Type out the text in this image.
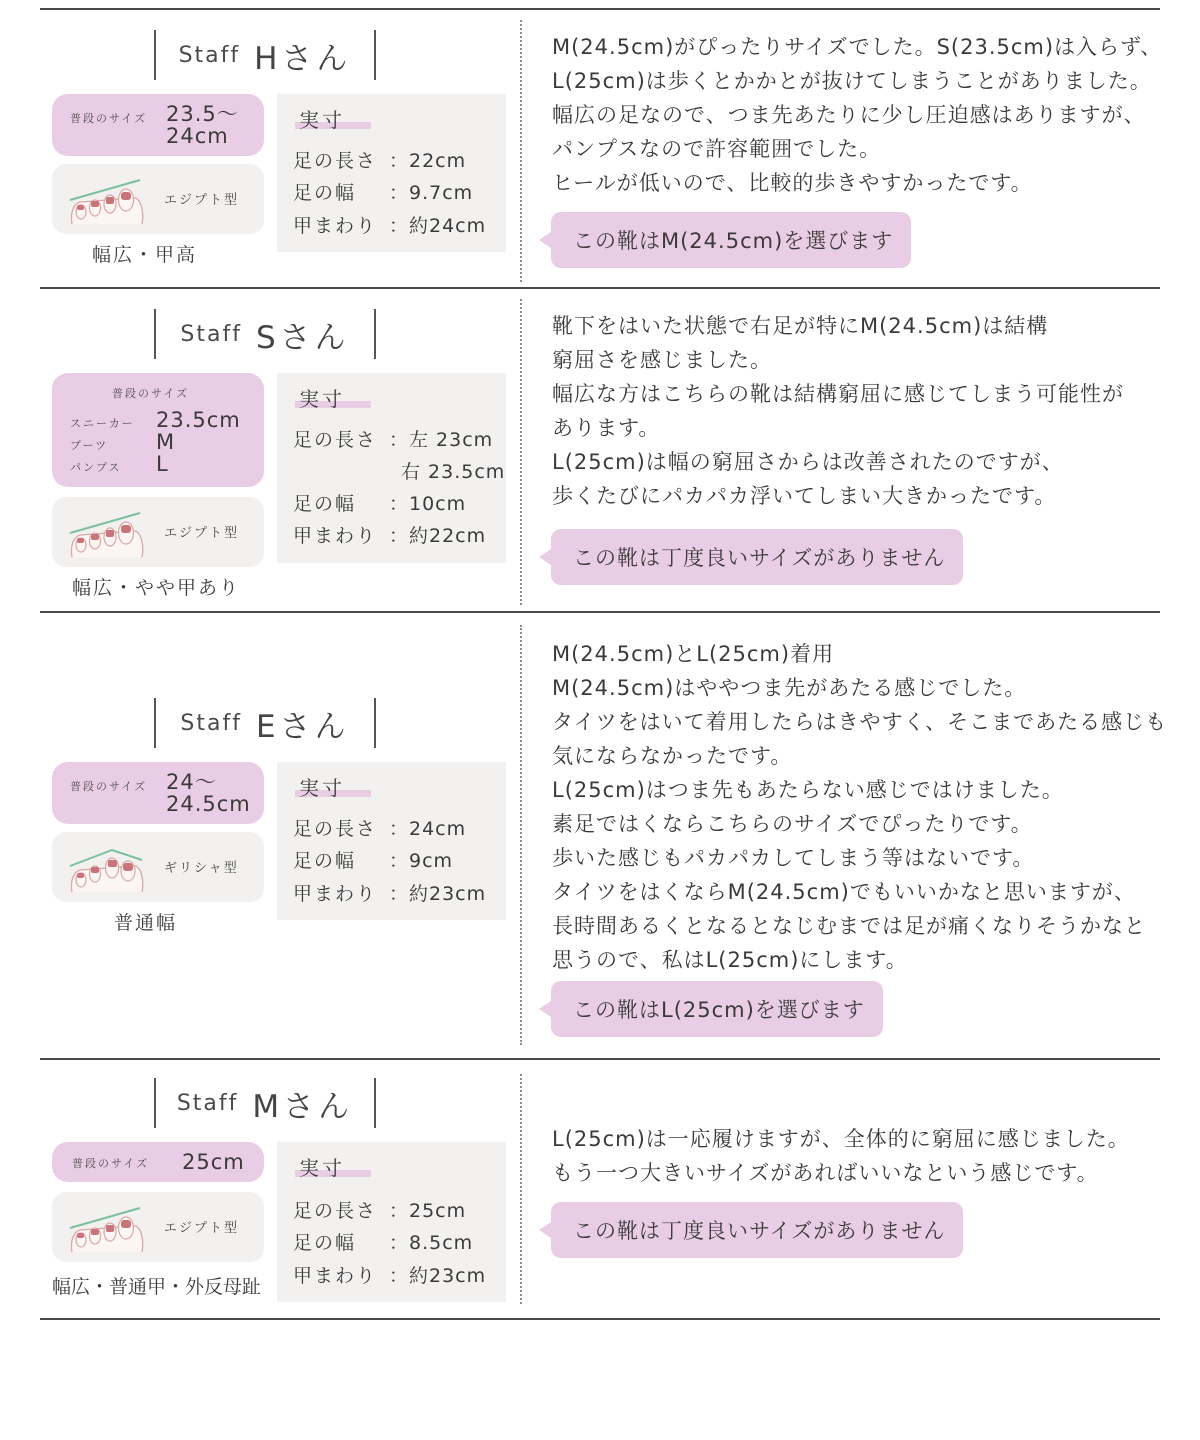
Staff Hさん
普段のサイズ 23.5～
24cm
エジプト型
幅広・甲高
実寸
足の長さ ：22cm
足の幅 ：9.7cm
甲まわり ：約24cm
M(24.5cm)がぴったりサイズでした。S(23.5cm)は入らず、
L(25cm)は歩くとかかとが抜けてしまうことがありました。
幅広の足なので、つま先あたりに少し圧迫感はありますが、
パンプスなので許容範囲でした。
ヒールが低いので、比較的歩きやすかったです。
この靴はM(24.5cm)を選びます
Staff Sさん
普段のサイズ
スニーカー 23.5cm
ブーツ M
パンプス L
エジプト型
幅広・やや甲あり
実寸
足の長さ ：左 23cm
右 23.5cm
足の幅 ：10cm
甲まわり ：約22cm
靴下をはいた状態で右足が特にM(24.5cm)は結構
窮屈さを感じました。
幅広な方はこちらの靴は結構窮屈に感じてしまう可能性が
あります。
L(25cm)は幅の窮屈さからは改善されたのですが、
歩くたびにパカパカ浮いてしまい大きかったです。
この靴は丁度良いサイズがありません
Staff Eさん
普段のサイズ 24～
24.5cm
ギリシャ型
普通幅
実寸
足の長さ ：24cm
足の幅 ：9cm
甲まわり ：約23cm
M(24.5cm)とL(25cm)着用
M(24.5cm)はややつま先があたる感じでした。
タイツをはいて着用したらはきやすく、そこまであたる感じも
気にならなかったです。
L(25cm)はつま先もあたらない感じではけました。
素足ではくならこちらのサイズでぴったりです。
歩いた感じもパカパカしてしまう等はないです。
タイツをはくならM(24.5cm)でもいいかなと思いますが、
長時間あるくとなるとなじむまでは足が痛くなりそうかなと
思うので、私はL(25cm)にします。
この靴はL(25cm)を選びます
Staff Mさん
普段のサイズ 25cm
エジプト型
幅広・普通甲・外反母趾
実寸
足の長さ ：25cm
足の幅 ：8.5cm
甲まわり ：約23cm
L(25cm)は一応履けますが、全体的に窮屈に感じました。
もう一つ大きいサイズがあればいいなという感じです。
この靴は丁度良いサイズがありません
